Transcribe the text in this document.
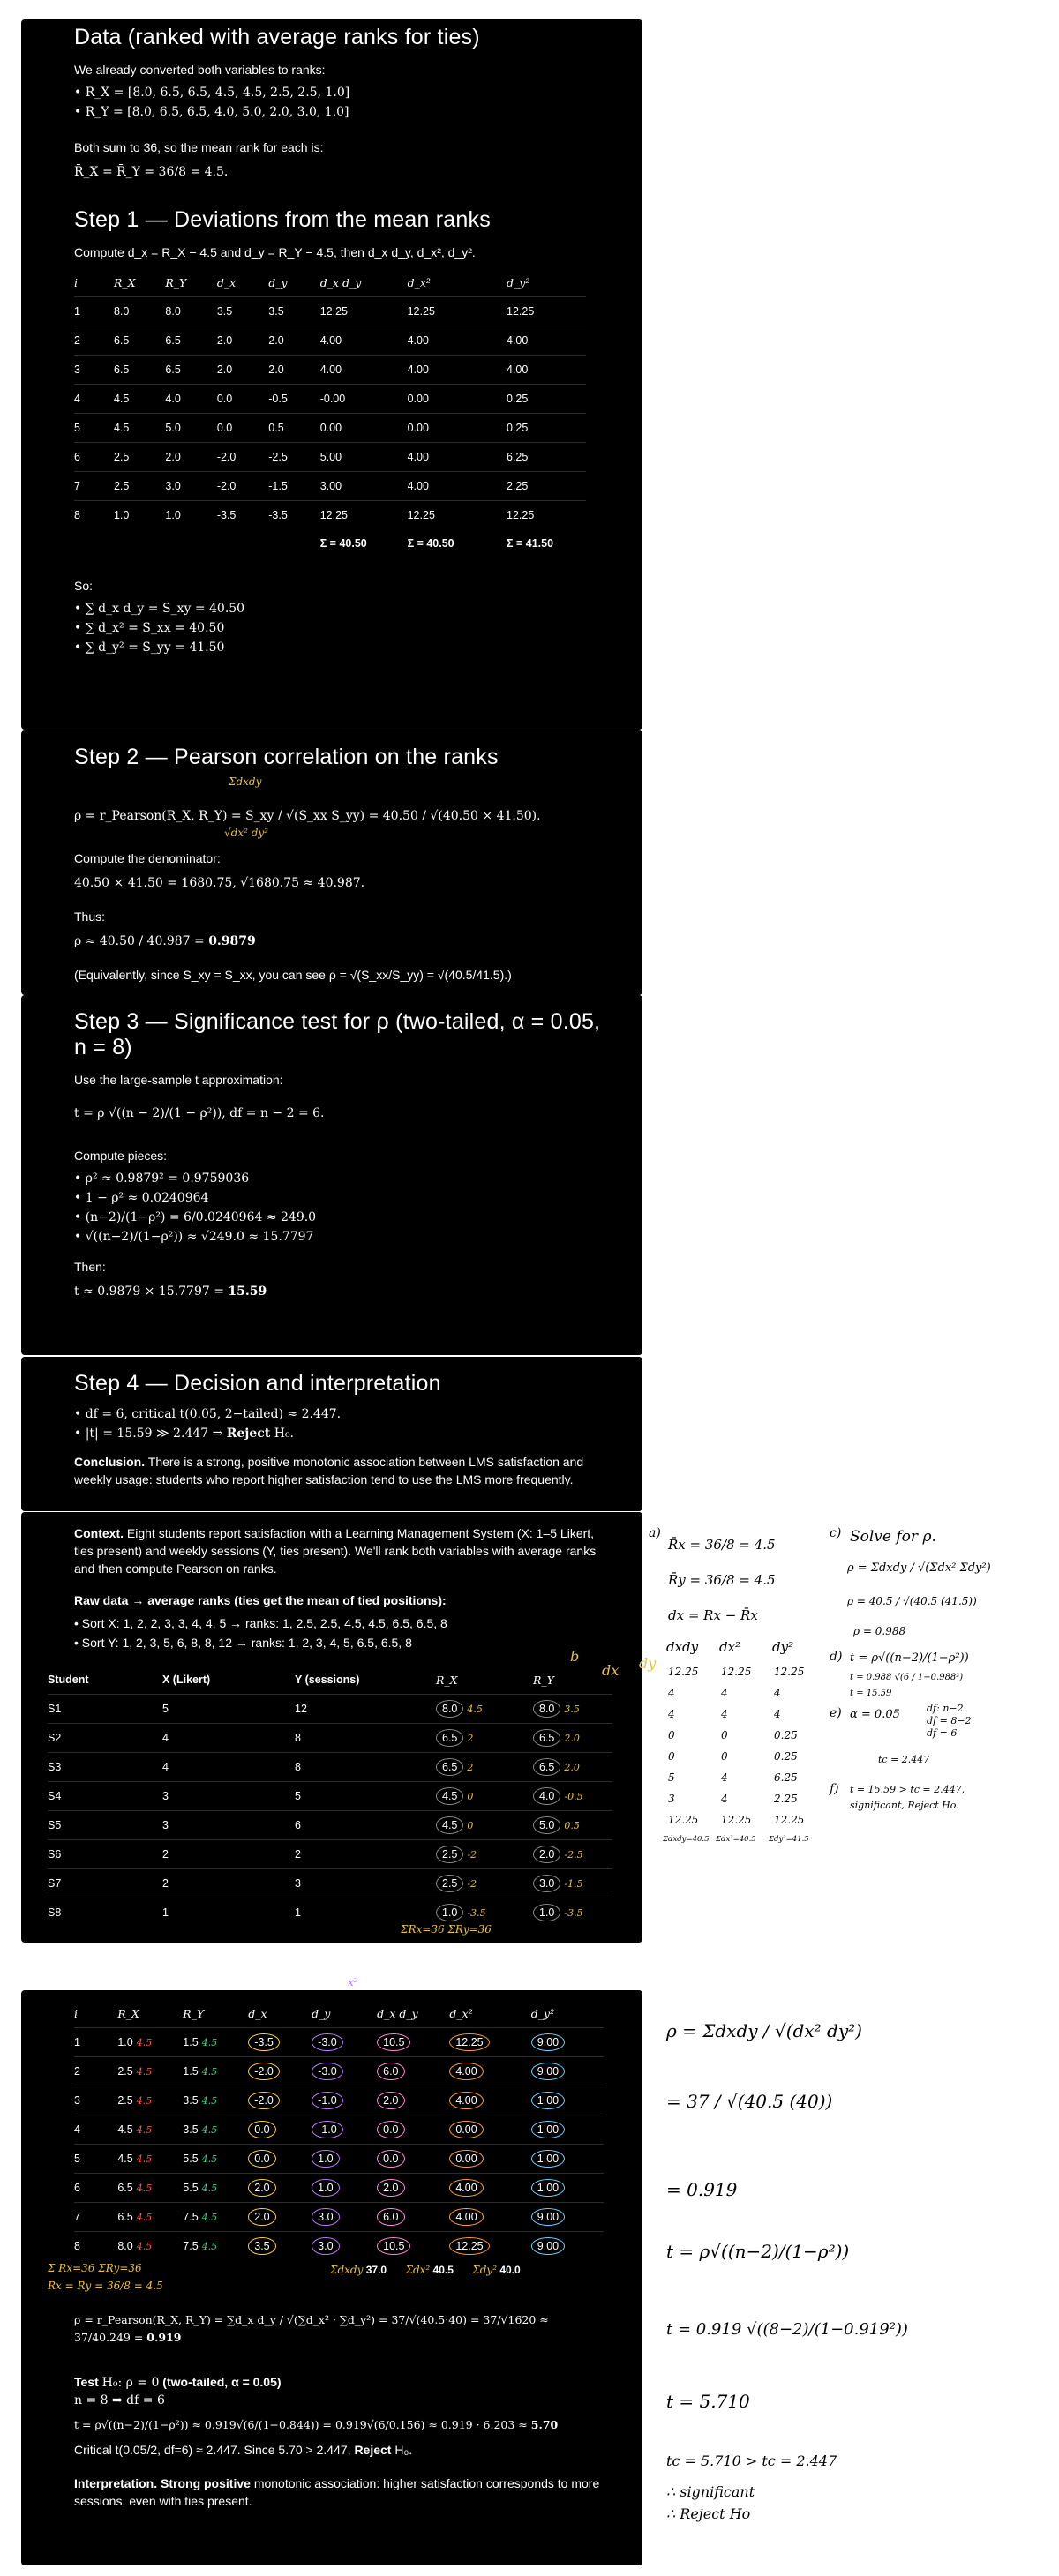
Data (ranked with average ranks for ties)
We already converted both variables to ranks:
• R_X = [8.0, 6.5, 6.5, 4.5, 4.5, 2.5, 2.5, 1.0]
• R_Y = [8.0, 6.5, 6.5, 4.0, 5.0, 2.0, 3.0, 1.0]
Both sum to 36, so the mean rank for each is:
R̄_X = R̄_Y = 36/8 = 4.5.
Step 1 — Deviations from the mean ranks
Compute d_x = R_X − 4.5 and d_y = R_Y − 4.5, then d_x d_y, d_x², d_y².
i	R_X	R_Y	d_x	d_y	d_x d_y	d_x²	d_y²
1	8.0	8.0	3.5	3.5	12.25	12.25	12.25
2	6.5	6.5	2.0	2.0	4.00	4.00	4.00
3	6.5	6.5	2.0	2.0	4.00	4.00	4.00
4	4.5	4.0	0.0	-0.5	-0.00	0.00	0.25
5	4.5	5.0	0.0	0.5	0.00	0.00	0.25
6	2.5	2.0	-2.0	-2.5	5.00	4.00	6.25
7	2.5	3.0	-2.0	-1.5	3.00	4.00	2.25
8	1.0	1.0	-3.5	-3.5	12.25	12.25	12.25
					Σ = 40.50	Σ = 40.50	Σ = 41.50
So:
• ∑ d_x d_y = S_xy = 40.50
• ∑ d_x² = S_xx = 40.50
• ∑ d_y² = S_yy = 41.50
Step 2 — Pearson correlation on the ranks
Σdxdy
ρ = r_Pearson(R_X, R_Y) = S_xy / √(S_xx S_yy) = 40.50 / √(40.50 × 41.50).
√dx² dy²
Compute the denominator:
40.50 × 41.50 = 1680.75, √1680.75 ≈ 40.987.
Thus:
ρ ≈ 40.50 / 40.987 = 0.9879
(Equivalently, since S_xy = S_xx, you can see ρ = √(S_xx/S_yy) = √(40.5/41.5).)
Step 3 — Significance test for ρ (two-tailed, α = 0.05, n = 8)
Use the large-sample t approximation:
t = ρ √((n − 2)/(1 − ρ²)), df = n − 2 = 6.
Compute pieces:
• ρ² ≈ 0.9879² = 0.9759036
• 1 − ρ² ≈ 0.0240964
• (n−2)/(1−ρ²) = 6/0.0240964 ≈ 249.0
• √((n−2)/(1−ρ²)) ≈ √249.0 ≈ 15.7797
Then:
t ≈ 0.9879 × 15.7797 = 15.59
Step 4 — Decision and interpretation
• df = 6, critical t(0.05, 2−tailed) ≈ 2.447.
• |t| = 15.59 ≫ 2.447 ⇒ Reject H₀.
Conclusion. There is a strong, positive monotonic association between LMS satisfaction and weekly usage: students who report higher satisfaction tend to use the LMS more frequently.
Context. Eight students report satisfaction with a Learning Management System (X: 1–5 Likert, ties present) and weekly sessions (Y, ties present). We'll rank both variables with average ranks and then compute Pearson on ranks.
Raw data → average ranks (ties get the mean of tied positions):
• Sort X: 1, 2, 2, 3, 3, 4, 4, 5 → ranks: 1, 2.5, 2.5, 4.5, 4.5, 6.5, 6.5, 8
• Sort Y: 1, 2, 3, 5, 6, 8, 8, 12 → ranks: 1, 2, 3, 4, 5, 6.5, 6.5, 8
b
dx dy
Student	X (Likert)	Y (sessions)	R_X	R_Y
S1	5	12	8.0 4.5	8.0 3.5
S2	4	8	6.5 2	6.5 2.0
S3	4	8	6.5 2	6.5 2.0
S4	3	5	4.5 0	4.0 -0.5
S5	3	6	4.5 0	5.0 0.5
S6	2	2	2.5 -2	2.0 -2.5
S7	2	3	2.5 -2	3.0 -1.5
S8	1	1	1.0 -3.5	1.0 -3.5
ΣRx=36 ΣRy=36
a)
R̄x = 36/8 = 4.5
R̄y = 36/8 = 4.5
dx = Rx − R̄x
dxdy dx² dy²
12.25 12.25 12.25
4	4	4
4	4	4
0	0	0.25
0	0	0.25
5	4	6.25
3	4	2.25
12.25 12.25 12.25
Σdxdy=40.5 Σdx²=40.5 Σdy²=41.5
c) Solve for ρ.
ρ = Σdxdy / √(Σdx² Σdy²)
ρ = 40.5 / √(40.5 (41.5))
ρ = 0.988
d) t = ρ√((n−2)/(1−ρ²))
t = 0.988 √(6 / 1−0.988²)
t = 15.59
e) α = 0.05	df: n−2
df = 8−2
df = 6
tc = 2.447
f) t = 15.59 > tc = 2.447,
significant, Reject Ho.
x²
i	R_X	R_Y	d_x	d_y	d_x d_y	d_x²	d_y²
1	1.0 4.5	1.5 4.5	-3.5	-3.0	10.5	12.25	9.00
2	2.5 4.5	1.5 4.5	-2.0	-3.0	6.0	4.00	9.00
3	2.5 4.5	3.5 4.5	-2.0	-1.0	2.0	4.00	1.00
4	4.5 4.5	3.5 4.5	0.0	-1.0	0.0	0.00	1.00
5	4.5 4.5	5.5 4.5	0.0	1.0	0.0	0.00	1.00
6	6.5 4.5	5.5 4.5	2.0	1.0	2.0	4.00	1.00
7	6.5 4.5	7.5 4.5	2.0	3.0	6.0	4.00	9.00
8	8.0 4.5	7.5 4.5	3.5	3.0	10.5	12.25	9.00
Σdxdy 37.0 Σdx² 40.5 Σdy² 40.0
Σ Rx=36 ΣRy=36
R̄x = R̄y = 36/8 = 4.5
ρ = r_Pearson(R_X, R_Y) = ∑d_x d_y / √(∑d_x² · ∑d_y²) = 37/√(40.5·40) = 37/√1620 ≈ 37/40.249 = 0.919
Test H₀: ρ = 0 (two-tailed, α = 0.05)
n = 8 ⇒ df = 6
t = ρ√((n−2)/(1−ρ²)) ≈ 0.919√(6/(1−0.844)) = 0.919√(6/0.156) ≈ 0.919 · 6.203 ≈ 5.70
Critical t(0.05/2, df=6) ≈ 2.447. Since 5.70 > 2.447, Reject H₀.
Interpretation. Strong positive monotonic association: higher satisfaction corresponds to more sessions, even with ties present.
ρ = Σdxdy / √(dx² dy²)
= 37 / √(40.5 (40))
= 0.919
t = ρ√((n−2)/(1−ρ²))
t = 0.919 √((8−2)/(1−0.919²))
t = 5.710
tc = 5.710 > tc = 2.447
∴ significant
∴ Reject Ho
